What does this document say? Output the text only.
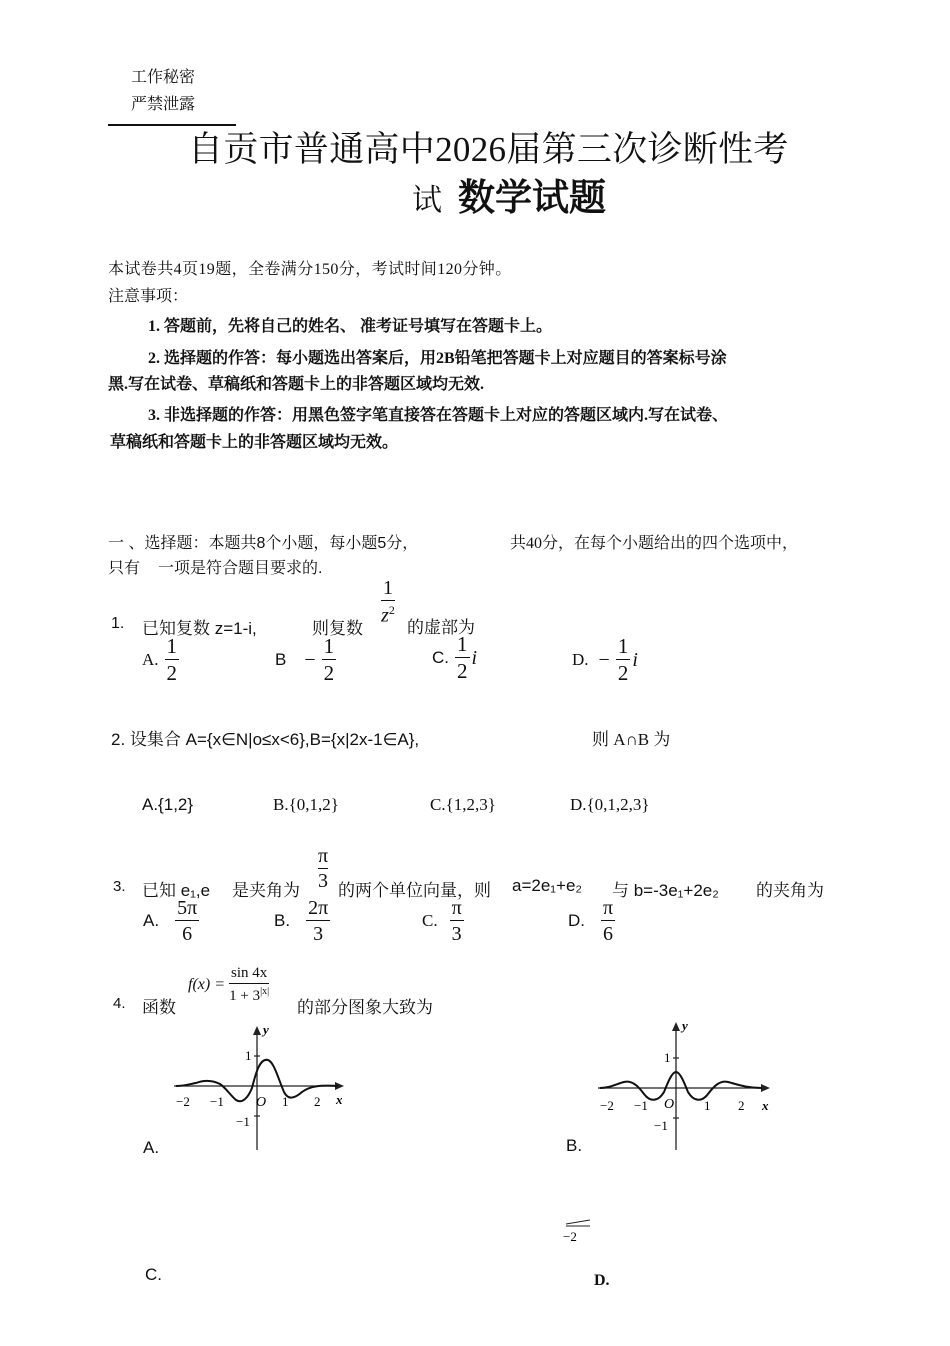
工作秘密
严禁泄露
自贡市普通高中2026届第三次诊断性考
试 数学试题
本试卷共4页19题，全卷满分150分，考试时间120分钟。
注意事项：
1. 答题前，先将自己的姓名、 准考证号填写在答题卡上。
2. 选择题的作答：每小题选出答案后，用2B铅笔把答题卡上对应题目的答案标号涂
黑.写在试卷、草稿纸和答题卡上的非答题区域均无效.
3. 非选择题的作答：用黑色签字笔直接答在答题卡上对应的答题区域内.写在试卷、
草稿纸和答题卡上的非答题区域均无效。
一 、选择题：本题共8个小题，每小题5分，	共40分，在每个小题给出的四个选项中，
只有 一项是符合题目要求的.
1. 已知复数 z=1-i,	则复数
$\frac{1}{z^2}$
的虚部为
A. $\frac{1}{2}$	$B - \frac{1}{2}$	C. $\frac{1}{2}$ i	D. − $\frac{1}{2}$ i
2. 设集合 A={x∈N|o≤x<6},B={x|2x-1∈A},	则 A∩B 为
A.{1,2}	B.{0,1,2}	C.{1,2,3}	D.{0,1,2,3}
3. 已知 e₁,e 是夹角为 $\frac{\pi}{3}$ 的两个单位向量，则 a=2e₁+e₂ 与 b=-3e₁+2e₂ 的夹角为
A. $\frac{5\pi}{6}$	B. $\frac{2\pi}{3}$	C. $\frac{\pi}{3}$	D. $\frac{\pi}{6}$
4. 函数
$f(x) = \frac{\sin 4x}{1 + 3^{|x|}}$
的部分图象大致为
y
x
1
−1
−2 −1 O 1 2
A.
y
x
1
−1
−2 −1 O 1 2
B.
C.
−2
D.
